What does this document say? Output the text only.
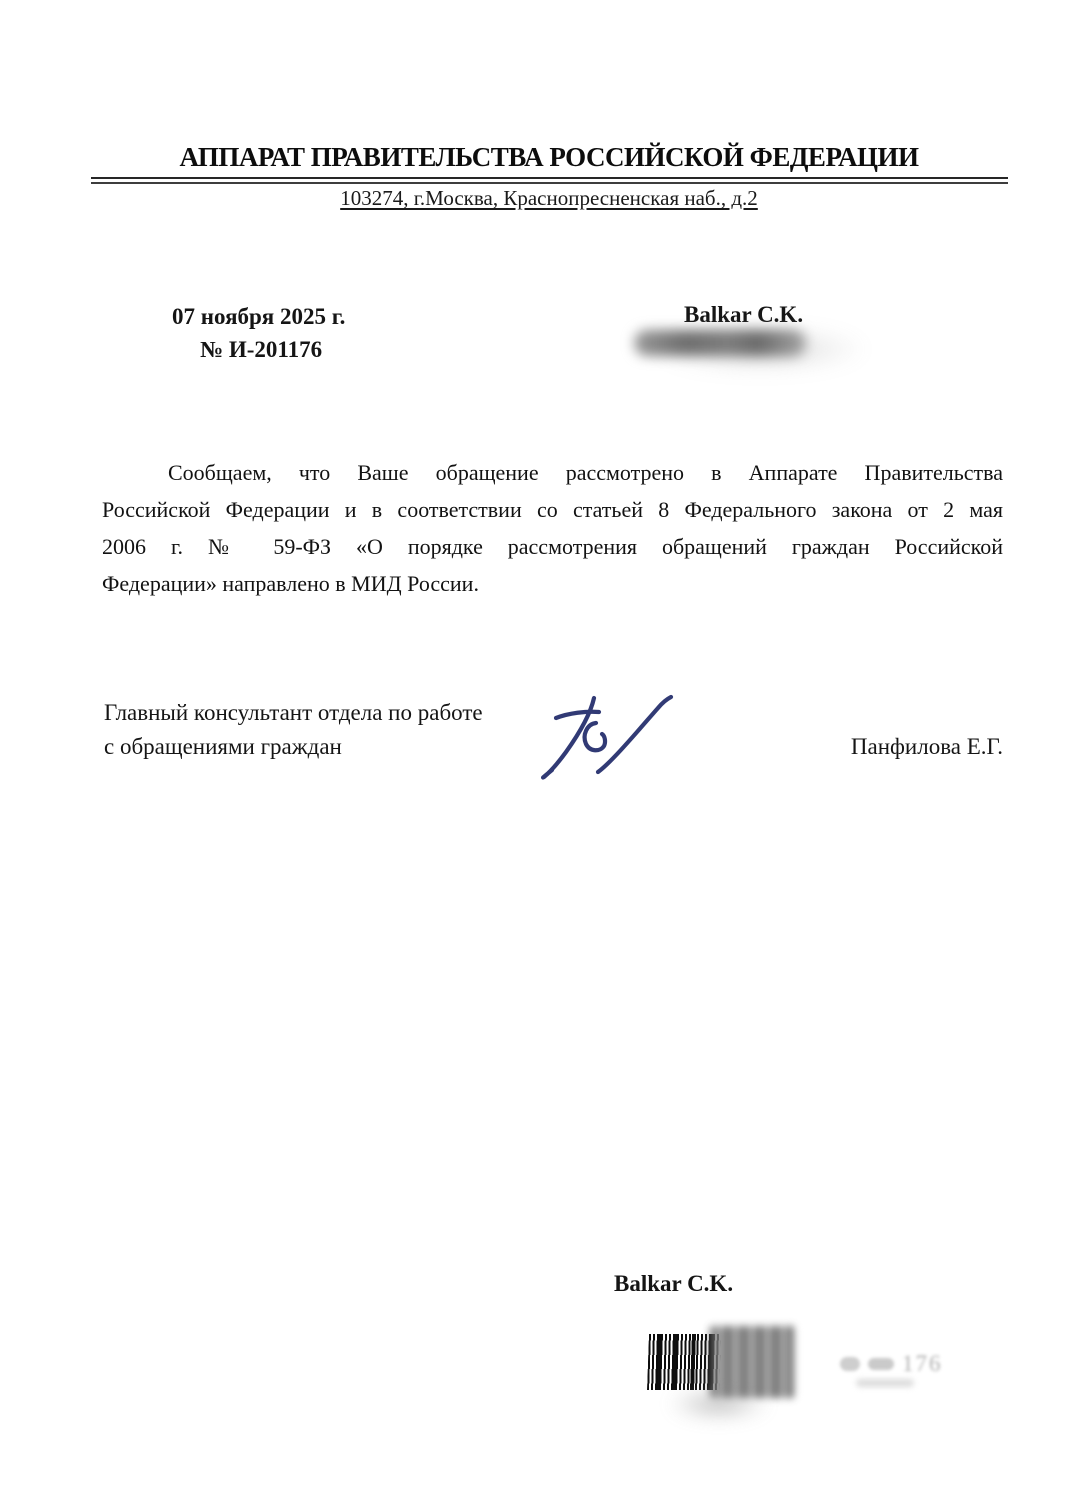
АППАРАТ ПРАВИТЕЛЬСТВА РОССИЙСКОЙ ФЕДЕРАЦИИ
103274, г.Москва, Краснопресненская наб., д.2
07 ноября 2025 г.
№ И-201176
Balkar C.K.
Сообщаем, что Ваше обращение рассмотрено в Аппарате Правительства
Российской Федерации и в соответствии со статьей 8 Федерального закона от 2 мая
2006 г. № 59-ФЗ «О порядке рассмотрения обращений граждан Российской
Федерации» направлено в МИД России.
Главный консультант отдела по работе
с обращениями граждан	Панфилова Е.Г.
Balkar C.K.
176
